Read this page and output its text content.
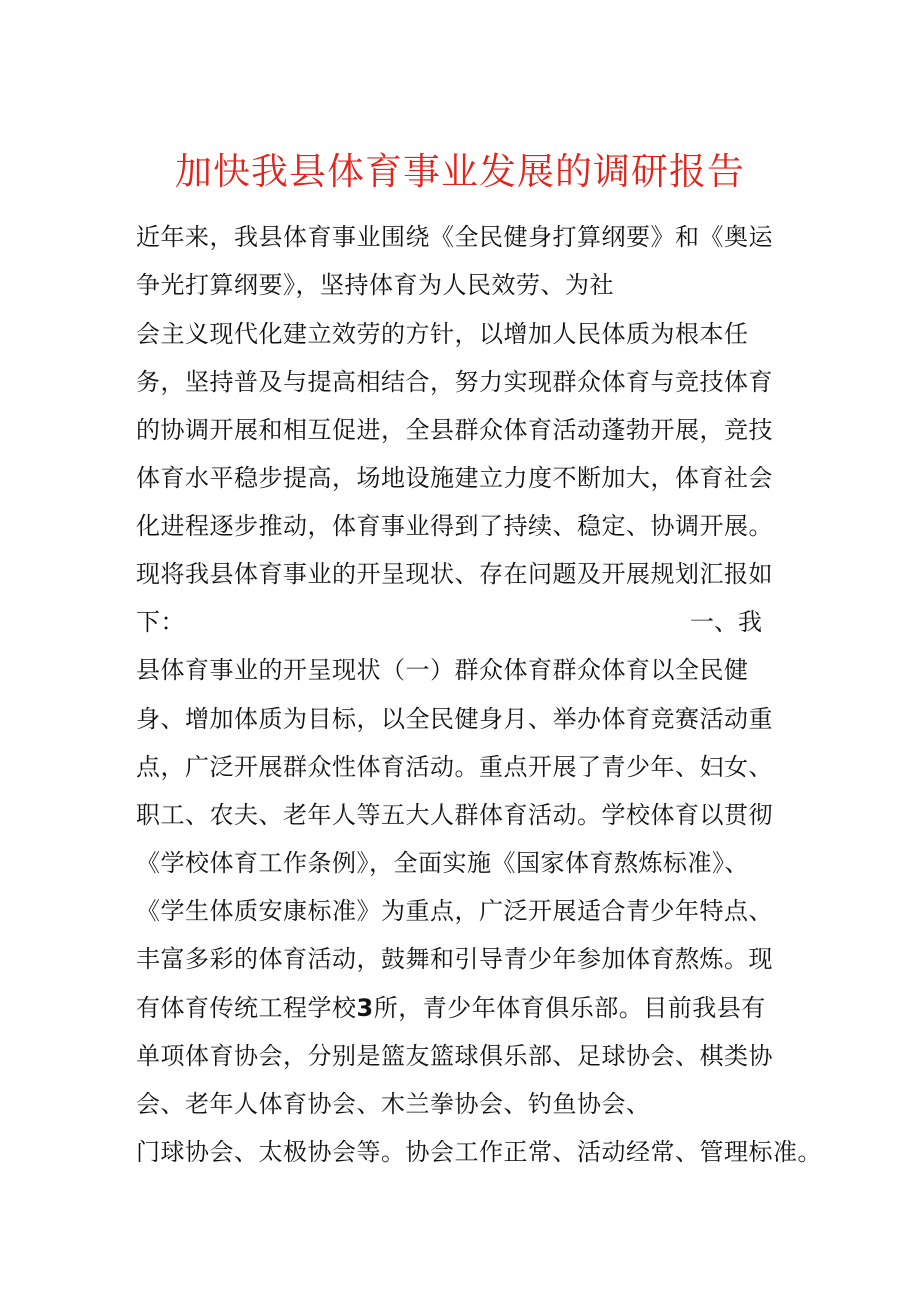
加快我县体育事业发展的调研报告
近年来，我县体育事业围绕《全民健身打算纲要》和《奥运
争光打算纲要》，坚持体育为人民效劳、为社
会主义现代化建立效劳的方针，以增加人民体质为根本任
务，坚持普及与提高相结合，努力实现群众体育与竞技体育
的协调开展和相互促进，全县群众体育活动蓬勃开展，竞技
体育水平稳步提高，场地设施建立力度不断加大，体育社会
化进程逐步推动，体育事业得到了持续、稳定、协调开展。
现将我县体育事业的开呈现状、存在问题及开展规划汇报如
下：	一、我
县体育事业的开呈现状（一）群众体育群众体育以全民健
身、增加体质为目标，以全民健身月、举办体育竞赛活动重
点，广泛开展群众性体育活动。重点开展了青少年、妇女、
职工、农夫、老年人等五大人群体育活动。学校体育以贯彻
《学校体育工作条例》，全面实施《国家体育熬炼标准》、
《学生体质安康标准》为重点，广泛开展适合青少年特点、
丰富多彩的体育活动，鼓舞和引导青少年参加体育熬炼。现
有体育传统工程学校3所，青少年体育俱乐部。目前我县有
单项体育协会，分别是篮友篮球俱乐部、足球协会、棋类协
会、老年人体育协会、木兰拳协会、钓鱼协会、
门球协会、太极协会等。协会工作正常、活动经常、管理标准。
